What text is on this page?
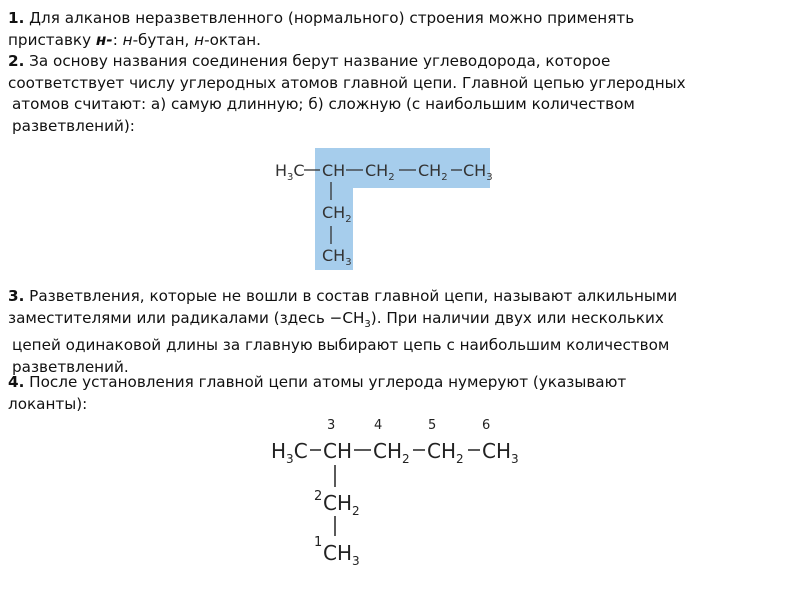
1. Для алканов неразветвленного (нормального) строения можно применять
приставку н-: н-бутан, н-октан.
2. За основу названия соединения берут название углеводорода, которое
соответствует числу углеродных атомов главной цепи. Главной цепью углеродных
атомов считают: а) самую длинную; б) сложную (с наибольшим количеством
разветвлений):
$H_3C$ CH $CH_2$ $CH_2$ $CH_3$
$CH_2$
$CH_3$
3. Разветвления, которые не вошли в состав главной цепи, называют алкильными
заместителями или радикалами (здесь $-CH_3$). При наличии двух или нескольких
цепей одинаковой длины за главную выбирают цепь с наибольшим количеством
разветвлений.
4. После установления главной цепи атомы углерода нумеруют (указывают
локанты):
3	4	5	6
2
1
$H_3C$ CH $CH_2$ $CH_2$ $CH_3$
$CH_2$
$CH_3$
